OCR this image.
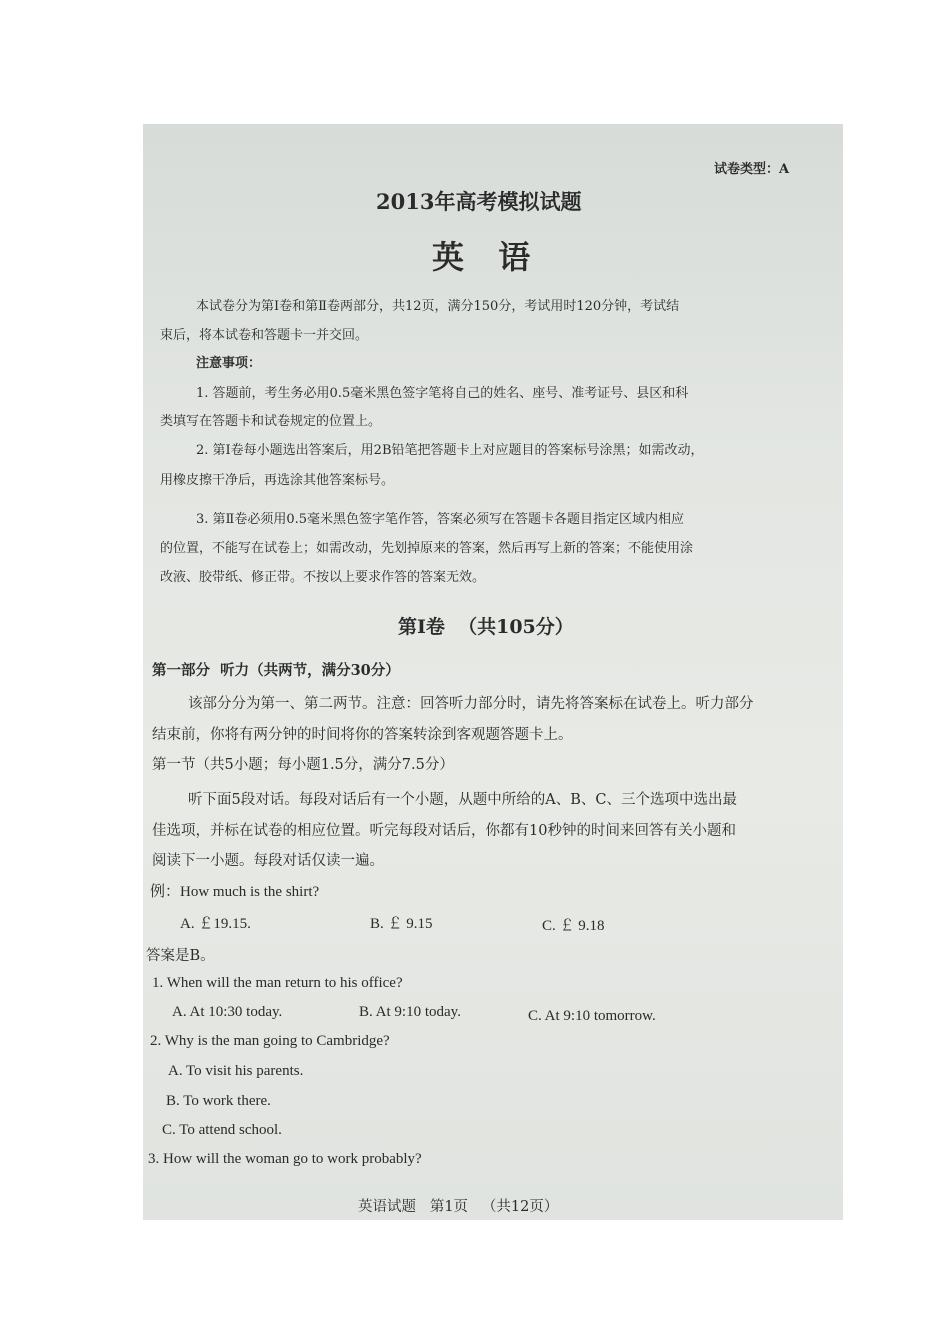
试卷类型：A
2013年高考模拟试题
英  语
本试卷分为第Ⅰ卷和第Ⅱ卷两部分，共12页，满分150分，考试用时120分钟，考试结
束后，将本试卷和答题卡一并交回。
注意事项：
1. 答题前，考生务必用0.5毫米黑色签字笔将自己的姓名、座号、准考证号、县区和科
类填写在答题卡和试卷规定的位置上。
2. 第Ⅰ卷每小题选出答案后，用2B铅笔把答题卡上对应题目的答案标号涂黑；如需改动，
用橡皮擦干净后，再选涂其他答案标号。
3. 第Ⅱ卷必须用0.5毫米黑色签字笔作答，答案必须写在答题卡各题目指定区域内相应
的位置，不能写在试卷上；如需改动，先划掉原来的答案，然后再写上新的答案；不能使用涂
改液、胶带纸、修正带。不按以上要求作答的答案无效。
第Ⅰ卷  （共105分）
第一部分  听力（共两节，满分30分）
该部分分为第一、第二两节。注意：回答听力部分时，请先将答案标在试卷上。听力部分
结束前，你将有两分钟的时间将你的答案转涂到客观题答题卡上。
第一节（共5小题；每小题1.5分，满分7.5分）
听下面5段对话。每段对话后有一个小题，从题中所给的A、B、C、三个选项中选出最
佳选项，并标在试卷的相应位置。听完每段对话后，你都有10秒钟的时间来回答有关小题和
阅读下一小题。每段对话仅读一遍。
例：How much is the shirt?
A. ￡19.15.	B. ￡ 9.15	C. ￡ 9.18
答案是B。
1. When will the man return to his office?
A. At 10:30 today.	B. At 9:10 today.	C. At 9:10 tomorrow.
2. Why is the man going to Cambridge?
A. To visit his parents.
B. To work there.
C. To attend school.
3. How will the woman go to work probably?
英语试题   第1页   （共12页）
